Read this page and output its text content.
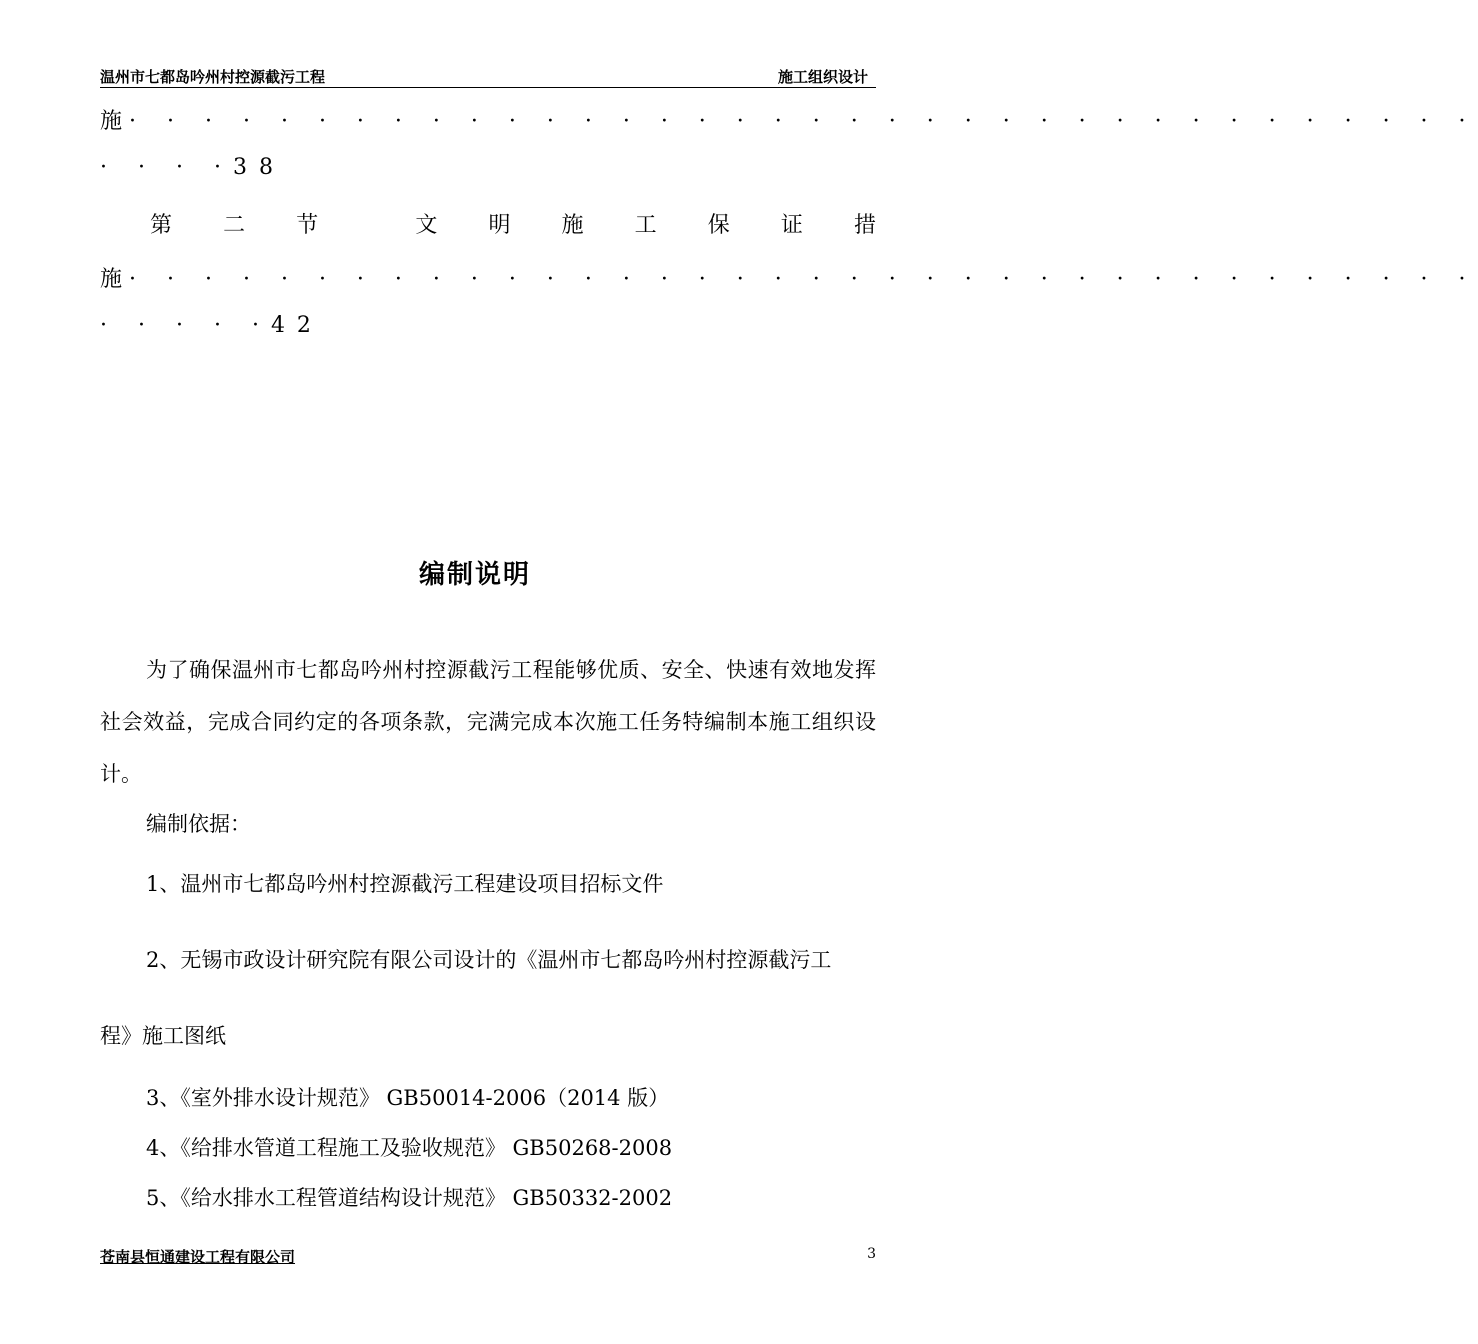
温州市七都岛吟州村控源截污工程	施工组织设计
施 · · · · · · · · · · · · · · · · · · · · · · · · · · · · · · · · · · · ·
· · · ·38
第 二 节	文 明 施 工 保 证 措
施 · · · · · · · · · · · · · · · · · · · · · · · · · · · · · · · · · · · ·
· · · · ·42
编制说明
为了确保温州市七都岛吟州村控源截污工程能够优质、安全、快速有效地发挥社会效益，完成合同约定的各项条款，完满完成本次施工任务特编制本施工组织设计。
编制依据：
1、温州市七都岛吟州村控源截污工程建设项目招标文件
2、无锡市政设计研究院有限公司设计的《温州市七都岛吟州村控源截污工
程》施工图纸
3、《室外排水设计规范》 GB50014-2006（2014 版）
4、《给排水管道工程施工及验收规范》 GB50268-2008
5、《给水排水工程管道结构设计规范》 GB50332-2002
苍南县恒通建设工程有限公司	3
